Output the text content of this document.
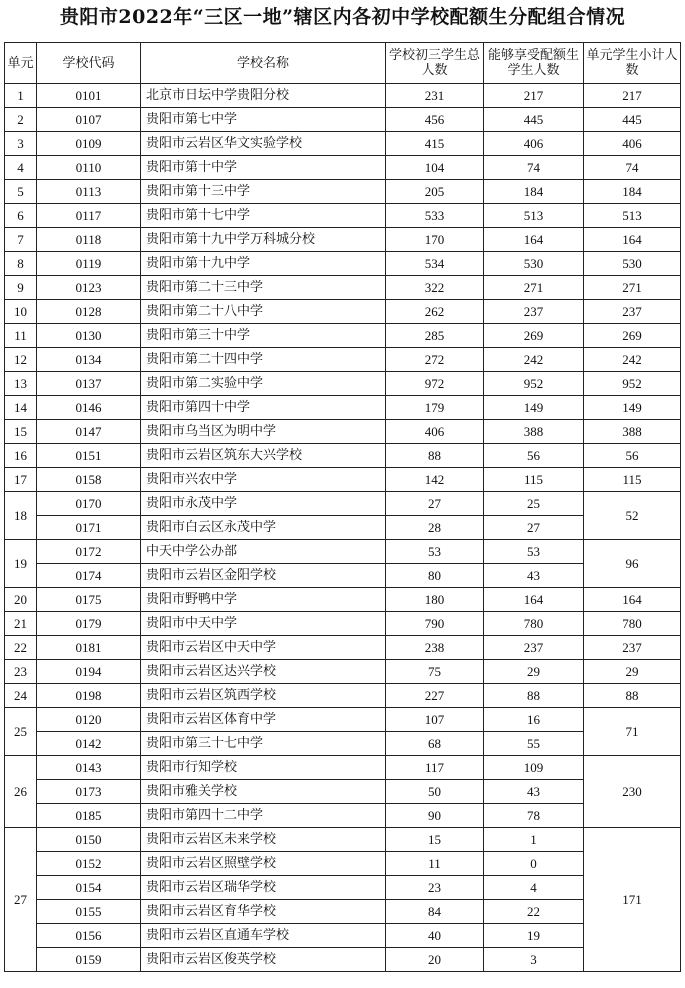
贵阳市2022年“三区一地”辖区内各初中学校配额生分配组合情况
单元	学校代码	学校名称	学校初三学生总人数	能够享受配额生学生人数	单元学生小计人数
1	0101	北京市日坛中学贵阳分校	231	217	217
2	0107	贵阳市第七中学	456	445	445
3	0109	贵阳市云岩区华文实验学校	415	406	406
4	0110	贵阳市第十中学	104	74	74
5	0113	贵阳市第十三中学	205	184	184
6	0117	贵阳市第十七中学	533	513	513
7	0118	贵阳市第十九中学万科城分校	170	164	164
8	0119	贵阳市第十九中学	534	530	530
9	0123	贵阳市第二十三中学	322	271	271
10	0128	贵阳市第二十八中学	262	237	237
11	0130	贵阳市第三十中学	285	269	269
12	0134	贵阳市第二十四中学	272	242	242
13	0137	贵阳市第二实验中学	972	952	952
14	0146	贵阳市第四十中学	179	149	149
15	0147	贵阳市乌当区为明中学	406	388	388
16	0151	贵阳市云岩区筑东大兴学校	88	56	56
17	0158	贵阳市兴农中学	142	115	115
18	0170	贵阳市永茂中学	27	25	52
	0171	贵阳市白云区永茂中学	28	27	
19	0172	中天中学公办部	53	53	96
	0174	贵阳市云岩区金阳学校	80	43	
20	0175	贵阳市野鸭中学	180	164	164
21	0179	贵阳市中天中学	790	780	780
22	0181	贵阳市云岩区中天中学	238	237	237
23	0194	贵阳市云岩区达兴学校	75	29	29
24	0198	贵阳市云岩区筑西学校	227	88	88
25	0120	贵阳市云岩区体育中学	107	16	71
	0142	贵阳市第三十七中学	68	55	
26	0143	贵阳市行知学校	117	109	230
	0173	贵阳市雅关学校	50	43	
	0185	贵阳市第四十二中学	90	78	
27	0150	贵阳市云岩区未来学校	15	1	171
	0152	贵阳市云岩区照壁学校	11	0	
	0154	贵阳市云岩区瑞华学校	23	4	
	0155	贵阳市云岩区育华学校	84	22	
	0156	贵阳市云岩区直通车学校	40	19	
	0159	贵阳市云岩区俊英学校	20	3	
